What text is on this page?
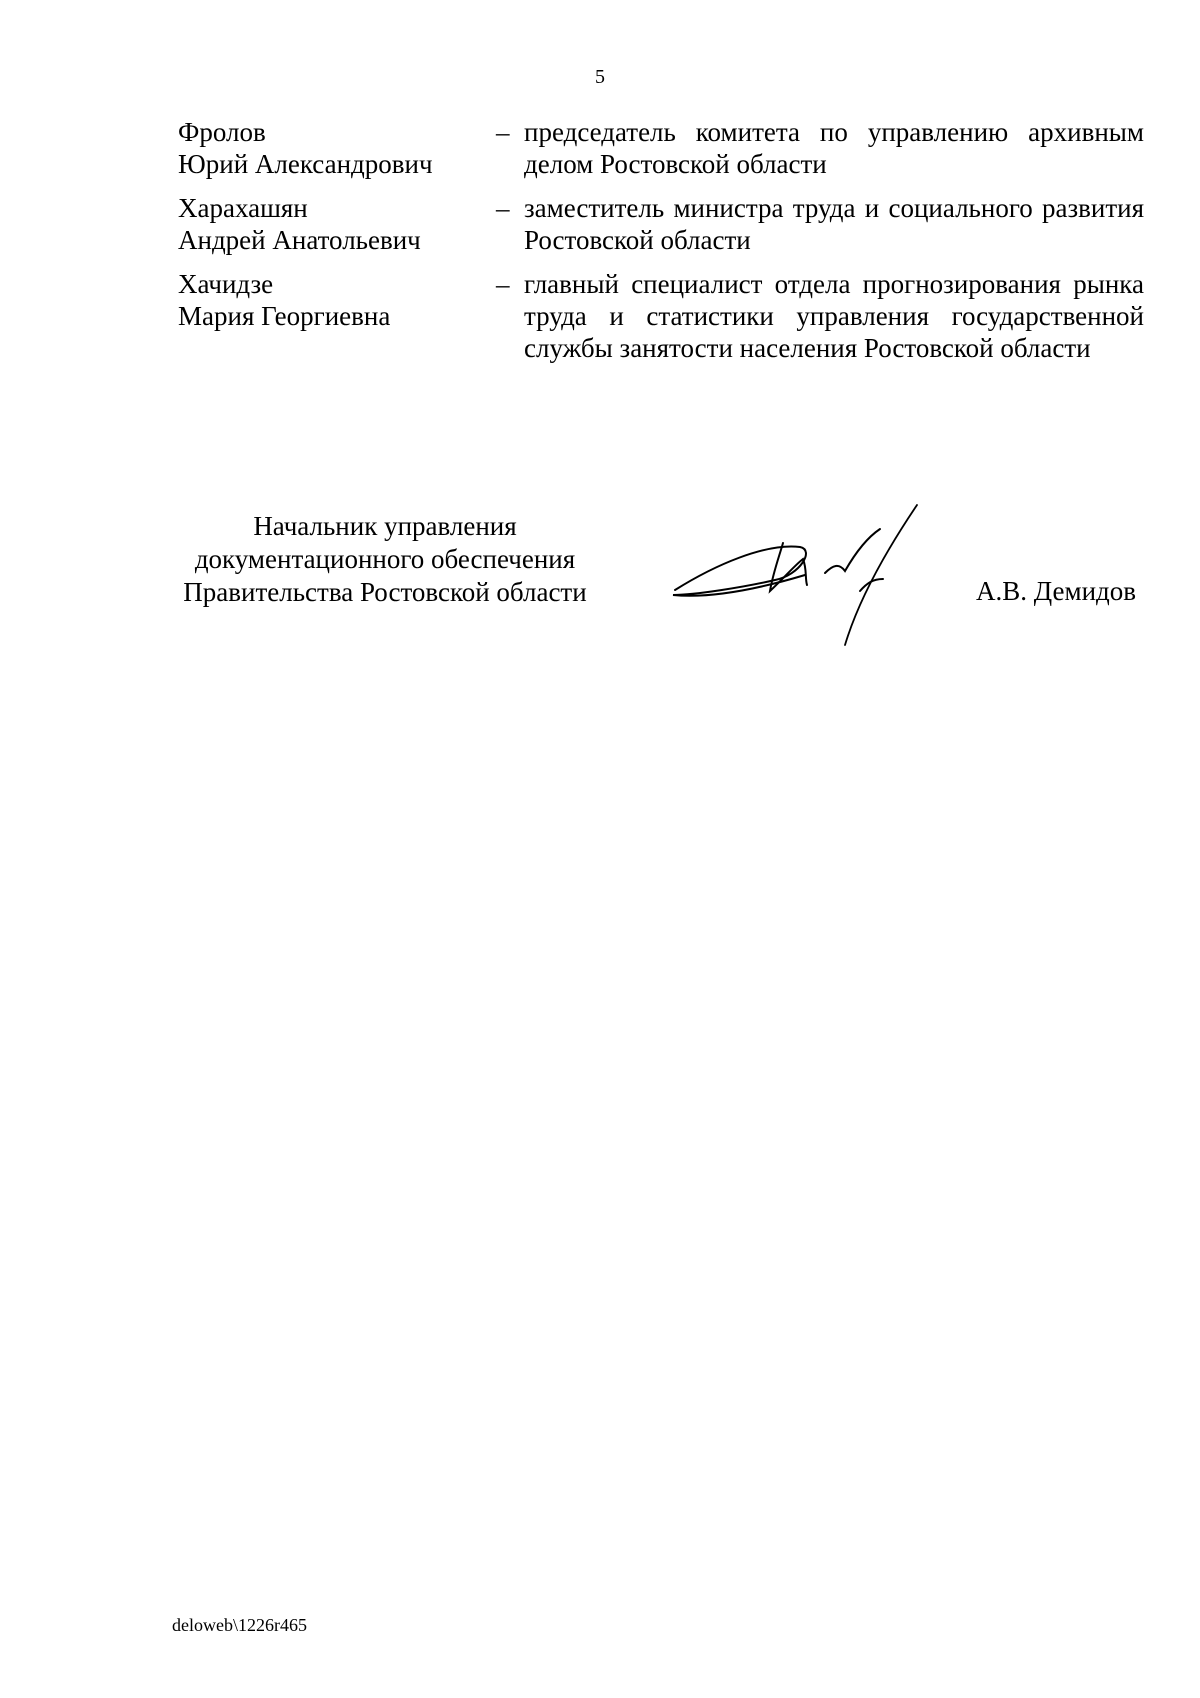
5
Фролов
Юрий Александрович
– председатель комитета по управлению архивным делом Ростовской области
Харахашян
Андрей Анатольевич
– заместитель министра труда и социального развития Ростовской области
Хачидзе
Мария Георгиевна
– главный специалист отдела прогнозирования рынка труда и статистики управления государственной службы занятости населения Ростовской области
Начальник управления
документационного обеспечения
Правительства Ростовской области	А.В. Демидов
deloweb\1226r465
